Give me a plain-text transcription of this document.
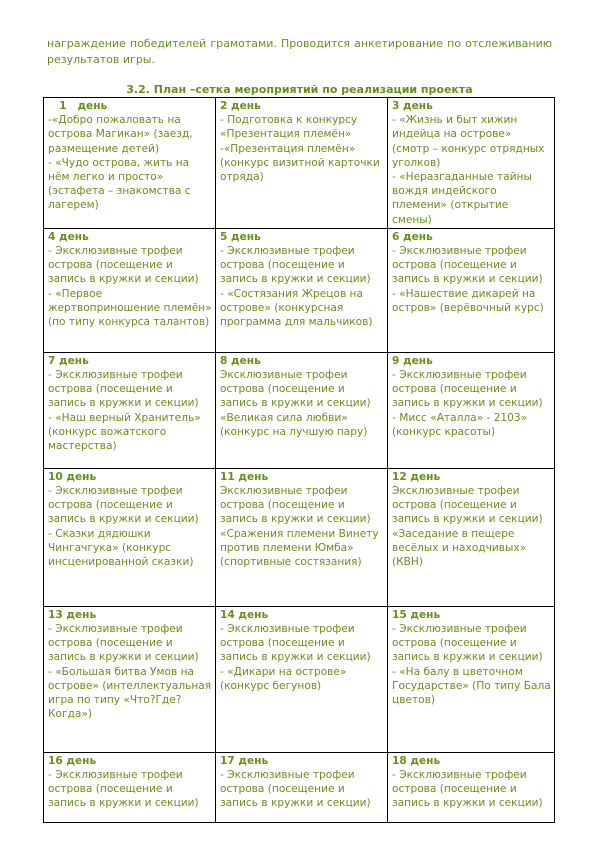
награждение победителей грамотами. Проводится анкетирование по отслеживанию результатов игры.
3.2. План –сетка мероприятий по реализации проекта
1   день
-«Добро пожаловать на острова Магикан» (заезд, размещение детей)
- «Чудо острова, жить на нём легко и просто» (эстафета – знакомства с лагерем)	2 день
- Подготовка к конкурсу «Презентация племён»
-«Презентация племён» (конкурс визитной карточки отряда)	3 день
- «Жизнь и быт хижин индейца на острове» (смотр – конкурс отрядных уголков)
- «Неразгаданные тайны вождя индейского племени» (открытие смены)

4 день
- Эксклюзивные трофеи острова (посещение и запись в кружки и секции)
- «Первое жертвоприношение племён» (по типу конкурса талантов)	5 день
- Эксклюзивные трофеи острова (посещение и запись в кружки и секции)
- «Состязания Жрецов на острове» (конкурсная программа для мальчиков)	6 день
- Эксклюзивные трофеи острова (посещение и запись в кружки и секции)
- «Нашествие дикарей на остров» (верёвочный курс)

7 день
- Эксклюзивные трофеи острова (посещение и запись в кружки и секции)
- «Наш верный Хранитель» (конкурс вожатского мастерства)	8 день
Эксклюзивные трофеи острова (посещение и запись в кружки и секции)
«Великая сила любви» (конкурс на лучшую пару)	9 день
- Эксклюзивные трофеи острова (посещение и запись в кружки и секции)
- Мисс «Аталла» - 2103» (конкурс красоты)

10 день
- Эксклюзивные трофеи острова (посещение и запись в кружки и секции)
- Сказки дядюшки Чингачгука» (конкурс инсценированной сказки)	11 день
Эксклюзивные трофеи острова (посещение и запись в кружки и секции)
«Сражения племени Винету против племени Юмба» (спортивные состязания)	12 день
Эксклюзивные трофеи острова (посещение и запись в кружки и секции)
«Заседание в пещере весёлых и находчивых» (КВН)

13 день
- Эксклюзивные трофеи острова (посещение и запись в кружки и секции)
- «Большая битва Умов на острове» (интеллектуальная игра по типу «Что?Где? Когда»)	14 день
- Эксклюзивные трофеи острова (посещение и запись в кружки и секции)
- «Дикари на острове» (конкурс бегунов)	15 день
- Эксклюзивные трофеи острова (посещение и запись в кружки и секции)
- «На балу в цветочном Государстве» (По типу Бала цветов)

16 день
- Эксклюзивные трофеи острова (посещение и запись в кружки и секции)	17 день
- Эксклюзивные трофеи острова (посещение и запись в кружки и секции)	18 день
- Эксклюзивные трофеи острова (посещение и запись в кружки и секции)
